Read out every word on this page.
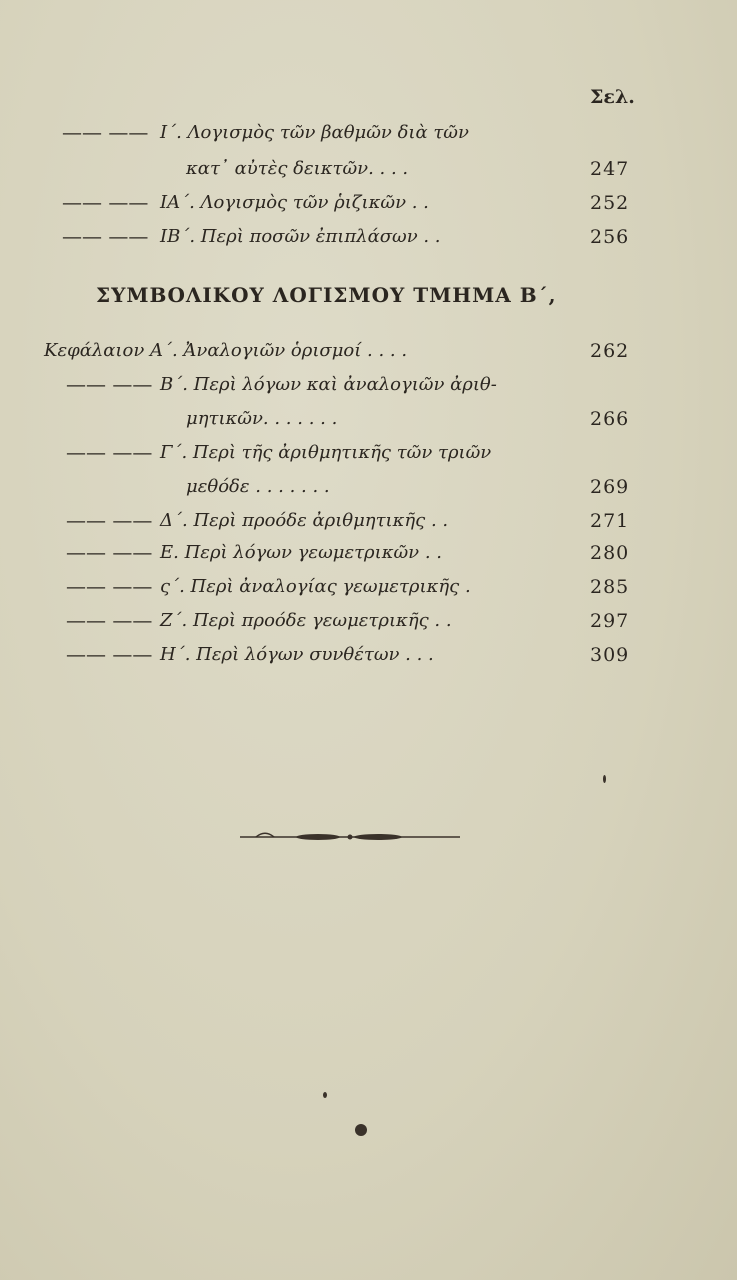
Σελ.
—— —— Ι΄. Λογισμὸς τῶν βαθμῶν διὰ τῶν
κατ᾽ αὐτὲς δεικτῶν. . . .	247
—— —— ΙΑ΄. Λογισμὸς τῶν ῥιζικῶν . .	252
—— —— ΙΒ΄. Περὶ ποσῶν ἐπιπλάσων . .	256
ΣΥΜΒΟΛΙΚΟΥ ΛΟΓΙΣΜΟΥ ΤΜΗΜΑ Β΄,
Κεφάλαιον Α΄. Ἀναλογιῶν ὁρισμοί . . . .	262
—— —— Β΄. Περὶ λόγων καὶ ἀναλογιῶν ἀριθ-
μητικῶν. . . . . . .	266
—— —— Γ΄. Περὶ τῆς ἀριθμητικῆς τῶν τριῶν
μεθόδε . . . . . . .	269
—— —— Δ΄. Περὶ προόδε ἀριθμητικῆς . .	271
—— —— Ε. Περὶ λόγων γεωμετρικῶν . .	280
—— —— ς΄. Περὶ ἀναλογίας γεωμετρικῆς .	285
—— —— Ζ΄. Περὶ προόδε γεωμετρικῆς . .	297
—— —— Η΄. Περὶ λόγων συνθέτων . . .	309
